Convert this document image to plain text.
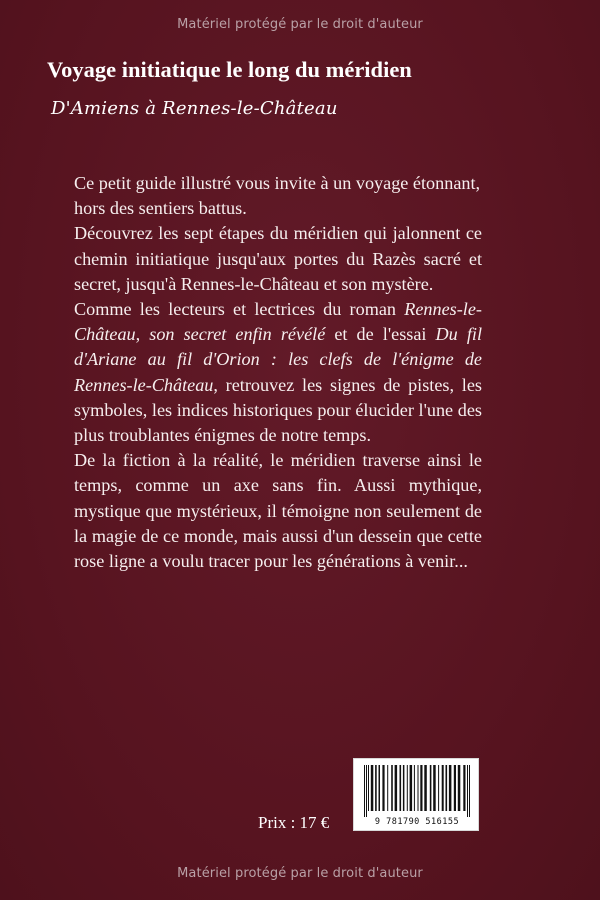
Matériel protégé par le droit d'auteur
Voyage initiatique le long du méridien
D'Amiens à Rennes-le-Château

Ce petit guide illustré vous invite à un voyage étonnant, hors des sentiers battus.

Découvrez les sept étapes du méridien qui jalonnent ce chemin initiatique jusqu'aux portes du Razès sacré et secret, jusqu'à Rennes-le-Château et son mystère.

Comme les lecteurs et lectrices du roman Rennes-le-Château, son secret enfin révélé et de l'essai Du fil d'Ariane au fil d'Orion : les clefs de l'énigme de Rennes-le-Château, retrouvez les signes de pistes, les symboles, les indices historiques pour élucider l'une des plus troublantes énigmes de notre temps.

De la fiction à la réalité, le méridien traverse ainsi le temps, comme un axe sans fin. Aussi mythique, mystique que mystérieux, il témoigne non seulement de la magie de ce monde, mais aussi d'un dessein que cette rose ligne a voulu tracer pour les générations à venir...

Prix : 17 €	9 781790 516155
Matériel protégé par le droit d'auteur
